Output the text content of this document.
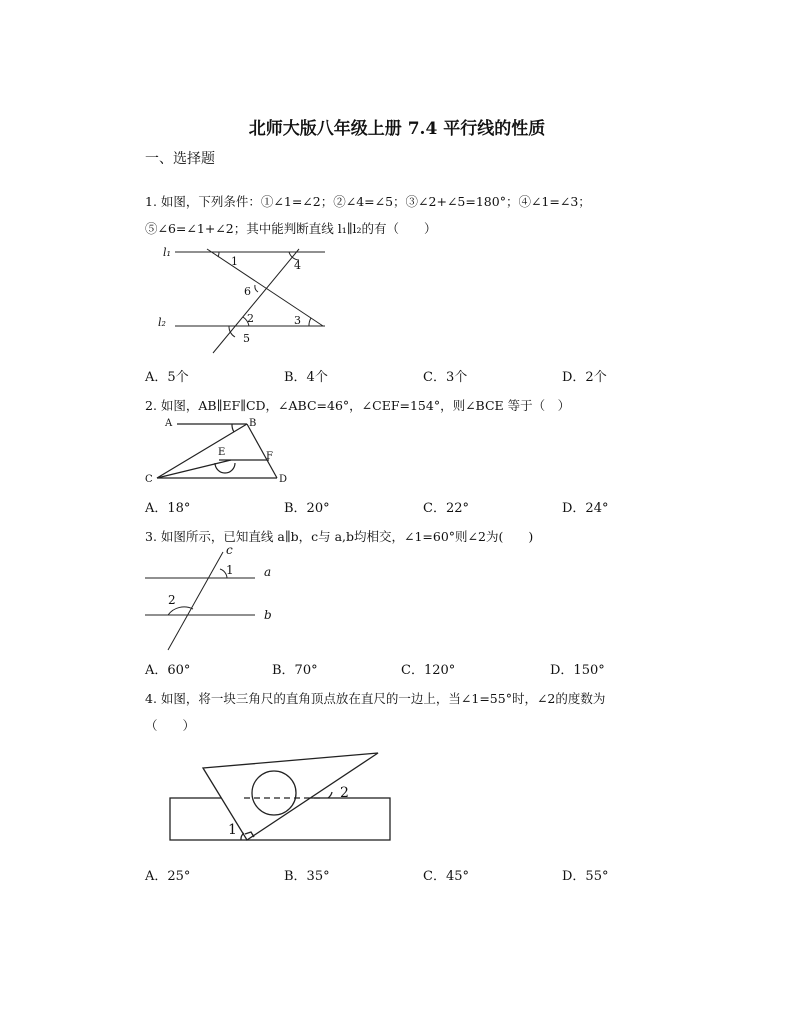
北师大版八年级上册 7.4 平行线的性质
一、选择题
1. 如图，下列条件：①∠1=∠2；②∠4=∠5；③∠2+∠5=180°；④∠1=∠3；
⑤∠6=∠1+∠2；其中能判断直线 l₁∥l₂的有（　　）
l₁
l₂
1	4
6
2	3
5
A．5个	B．4个	C．3个	D．2个
2. 如图，AB∥EF∥CD，∠ABC=46°，∠CEF=154°，则∠BCE 等于（　）
A	B
E	F
C	D
A．18°	B．20°	C．22°	D．24°
3. 如图所示，已知直线 a∥b，c与 a,b均相交，∠1=60°则∠2为(　　)
c
1	a
2
b
A．60°	B．70°	C．120°	D．150°
4. 如图，将一块三角尺的直角顶点放在直尺的一边上，当∠1=55°时，∠2的度数为
（　　）
1
2
A．25°	B．35°	C．45°	D．55°
